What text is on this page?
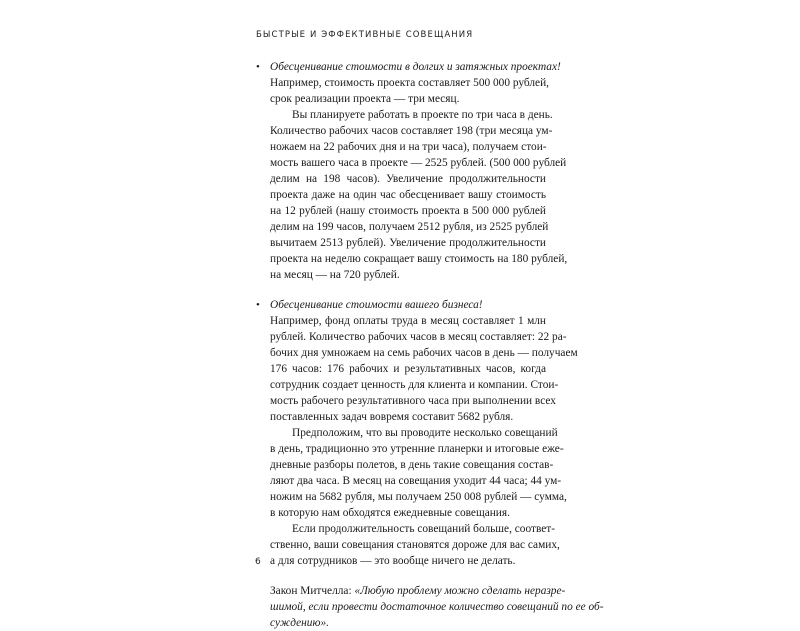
БЫСТРЫЕ И ЭФФЕКТИВНЫЕ СОВЕЩАНИЯ
• Обесценивание стоимости в долгих и затяжных проектах!
Например, стоимость проекта составляет 500 000 рублей,
срок реализации проекта — три месяц.
Вы планируете работать в проекте по три часа в день.
Количество рабочих часов составляет 198 (три месяца ум-
ножаем на 22 рабочих дня и на три часа), получаем стои-
мость вашего часа в проекте — 2525 рублей. (500 000 рублей
делим на 198 часов). Увеличение продолжительности
проекта даже на один час обесценивает вашу стоимость
на 12 рублей (нашу стоимость проекта в 500 000 рублей
делим на 199 часов, получаем 2512 рубля, из 2525 рублей
вычитаем 2513 рублей). Увеличение продолжительности
проекта на неделю сокращает вашу стоимость на 180 рублей,
на месяц — на 720 рублей.
• Обесценивание стоимости вашего бизнеса!
Например, фонд оплаты труда в месяц составляет 1 млн
рублей. Количество рабочих часов в месяц составляет: 22 ра-
бочих дня умножаем на семь рабочих часов в день — получаем
176 часов: 176 рабочих и результативных часов, когда
сотрудник создает ценность для клиента и компании. Стои-
мость рабочего результативного часа при выполнении всех
поставленных задач вовремя составит 5682 рубля.
Предположим, что вы проводите несколько совещаний
в день, традиционно это утренние планерки и итоговые еже-
дневные разборы полетов, в день такие совещания состав-
ляют два часа. В месяц на совещания уходит 44 часа; 44 ум-
ножим на 5682 рубля, мы получаем 250 008 рублей — сумма,
в которую нам обходятся ежедневные совещания.
Если продолжительность совещаний больше, соответ-
ственно, ваши совещания становятся дороже для вас самих,
а для сотрудников — это вообще ничего не делать.
Закон Митчелла: «Любую проблему можно сделать неразре-
шимой, если провести достаточное количество совещаний по ее об-
суждению».
6
